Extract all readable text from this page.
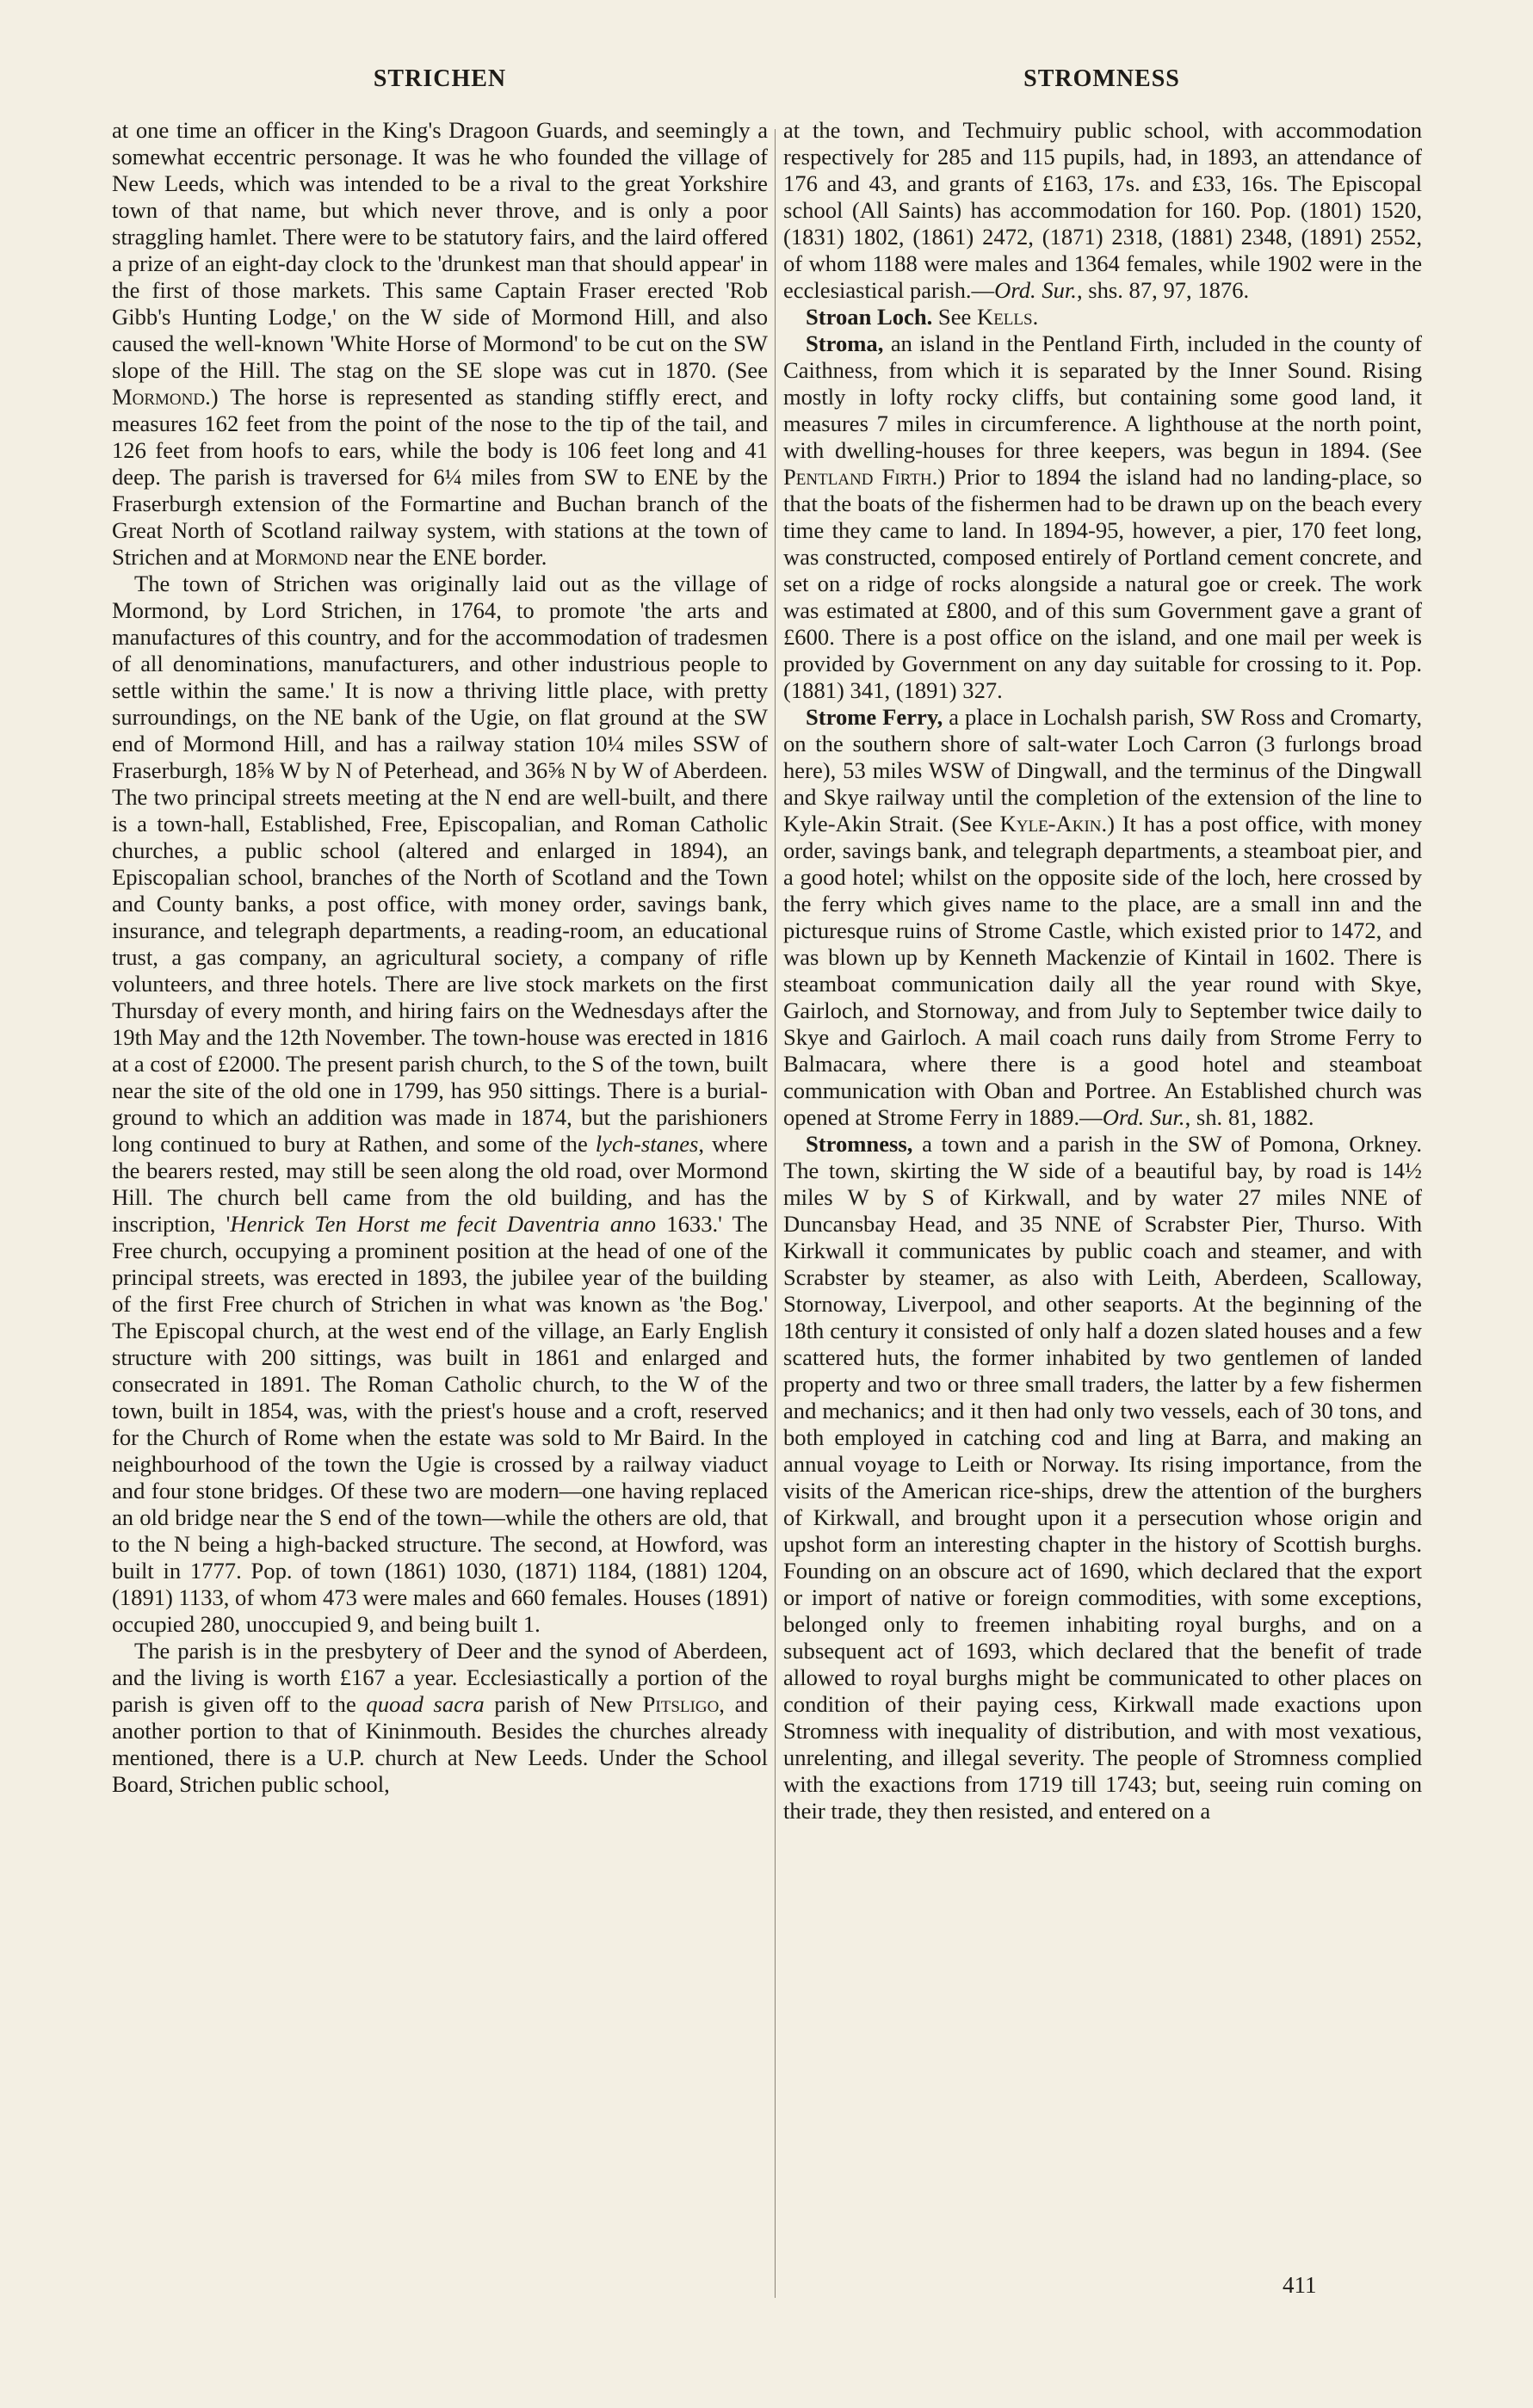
STRICHEN	STROMNESS

at one time an officer in the King's Dragoon Guards, and seemingly a somewhat eccentric personage. It was he who founded the village of New Leeds, which was intended to be a rival to the great Yorkshire town of that name, but which never throve, and is only a poor straggling hamlet. There were to be statutory fairs, and the laird offered a prize of an eight-day clock to the 'drunkest man that should appear' in the first of those markets. This same Captain Fraser erected 'Rob Gibb's Hunting Lodge,' on the W side of Mormond Hill, and also caused the well-known 'White Horse of Mormond' to be cut on the SW slope of the Hill. The stag on the SE slope was cut in 1870. (See Mormond.) The horse is represented as standing stiffly erect, and measures 162 feet from the point of the nose to the tip of the tail, and 126 feet from hoofs to ears, while the body is 106 feet long and 41 deep. The parish is traversed for 6¼ miles from SW to ENE by the Fraserburgh extension of the Formartine and Buchan branch of the Great North of Scotland railway system, with stations at the town of Strichen and at Mormond near the ENE border.

The town of Strichen was originally laid out as the village of Mormond, by Lord Strichen, in 1764, to promote 'the arts and manufactures of this country, and for the accommodation of tradesmen of all denominations, manufacturers, and other industrious people to settle within the same.' It is now a thriving little place, with pretty surroundings, on the NE bank of the Ugie, on flat ground at the SW end of Mormond Hill, and has a railway station 10¼ miles SSW of Fraserburgh, 18⅝ W by N of Peterhead, and 36⅝ N by W of Aberdeen. The two principal streets meeting at the N end are well-built, and there is a town-hall, Established, Free, Episcopalian, and Roman Catholic churches, a public school (altered and enlarged in 1894), an Episcopalian school, branches of the North of Scotland and the Town and County banks, a post office, with money order, savings bank, insurance, and telegraph departments, a reading-room, an educational trust, a gas company, an agricultural society, a company of rifle volunteers, and three hotels. There are live stock markets on the first Thursday of every month, and hiring fairs on the Wednesdays after the 19th May and the 12th November. The town-house was erected in 1816 at a cost of £2000. The present parish church, to the S of the town, built near the site of the old one in 1799, has 950 sittings. There is a burial-ground to which an addition was made in 1874, but the parishioners long continued to bury at Rathen, and some of the lych-stanes, where the bearers rested, may still be seen along the old road, over Mormond Hill. The church bell came from the old building, and has the inscription, 'Henrick Ten Horst me fecit Daventria anno 1633.' The Free church, occupying a prominent position at the head of one of the principal streets, was erected in 1893, the jubilee year of the building of the first Free church of Strichen in what was known as 'the Bog.' The Episcopal church, at the west end of the village, an Early English structure with 200 sittings, was built in 1861 and enlarged and consecrated in 1891. The Roman Catholic church, to the W of the town, built in 1854, was, with the priest's house and a croft, reserved for the Church of Rome when the estate was sold to Mr Baird. In the neighbourhood of the town the Ugie is crossed by a railway viaduct and four stone bridges. Of these two are modern—one having replaced an old bridge near the S end of the town—while the others are old, that to the N being a high-backed structure. The second, at Howford, was built in 1777. Pop. of town (1861) 1030, (1871) 1184, (1881) 1204, (1891) 1133, of whom 473 were males and 660 females. Houses (1891) occupied 280, unoccupied 9, and being built 1.

The parish is in the presbytery of Deer and the synod of Aberdeen, and the living is worth £167 a year. Ecclesiastically a portion of the parish is given off to the quoad sacra parish of New Pitsligo, and another portion to that of Kininmouth. Besides the churches already mentioned, there is a U.P. church at New Leeds. Under the School Board, Strichen public school,

at the town, and Techmuiry public school, with accommodation respectively for 285 and 115 pupils, had, in 1893, an attendance of 176 and 43, and grants of £163, 17s. and £33, 16s. The Episcopal school (All Saints) has accommodation for 160. Pop. (1801) 1520, (1831) 1802, (1861) 2472, (1871) 2318, (1881) 2348, (1891) 2552, of whom 1188 were males and 1364 females, while 1902 were in the ecclesiastical parish.—Ord. Sur., shs. 87, 97, 1876.

Stroan Loch. See Kells.

Stroma, an island in the Pentland Firth, included in the county of Caithness, from which it is separated by the Inner Sound. Rising mostly in lofty rocky cliffs, but containing some good land, it measures 7 miles in circumference. A lighthouse at the north point, with dwelling-houses for three keepers, was begun in 1894. (See Pentland Firth.) Prior to 1894 the island had no landing-place, so that the boats of the fishermen had to be drawn up on the beach every time they came to land. In 1894-95, however, a pier, 170 feet long, was constructed, composed entirely of Portland cement concrete, and set on a ridge of rocks alongside a natural goe or creek. The work was estimated at £800, and of this sum Government gave a grant of £600. There is a post office on the island, and one mail per week is provided by Government on any day suitable for crossing to it. Pop. (1881) 341, (1891) 327.

Strome Ferry, a place in Lochalsh parish, SW Ross and Cromarty, on the southern shore of salt-water Loch Carron (3 furlongs broad here), 53 miles WSW of Dingwall, and the terminus of the Dingwall and Skye railway until the completion of the extension of the line to Kyle-Akin Strait. (See Kyle-Akin.) It has a post office, with money order, savings bank, and telegraph departments, a steamboat pier, and a good hotel; whilst on the opposite side of the loch, here crossed by the ferry which gives name to the place, are a small inn and the picturesque ruins of Strome Castle, which existed prior to 1472, and was blown up by Kenneth Mackenzie of Kintail in 1602. There is steamboat communication daily all the year round with Skye, Gairloch, and Stornoway, and from July to September twice daily to Skye and Gairloch. A mail coach runs daily from Strome Ferry to Balmacara, where there is a good hotel and steamboat communication with Oban and Portree. An Established church was opened at Strome Ferry in 1889.—Ord. Sur., sh. 81, 1882.

Stromness, a town and a parish in the SW of Pomona, Orkney. The town, skirting the W side of a beautiful bay, by road is 14½ miles W by S of Kirkwall, and by water 27 miles NNE of Duncansbay Head, and 35 NNE of Scrabster Pier, Thurso. With Kirkwall it communicates by public coach and steamer, and with Scrabster by steamer, as also with Leith, Aberdeen, Scalloway, Stornoway, Liverpool, and other seaports. At the beginning of the 18th century it consisted of only half a dozen slated houses and a few scattered huts, the former inhabited by two gentlemen of landed property and two or three small traders, the latter by a few fishermen and mechanics; and it then had only two vessels, each of 30 tons, and both employed in catching cod and ling at Barra, and making an annual voyage to Leith or Norway. Its rising importance, from the visits of the American rice-ships, drew the attention of the burghers of Kirkwall, and brought upon it a persecution whose origin and upshot form an interesting chapter in the history of Scottish burghs. Founding on an obscure act of 1690, which declared that the export or import of native or foreign commodities, with some exceptions, belonged only to freemen inhabiting royal burghs, and on a subsequent act of 1693, which declared that the benefit of trade allowed to royal burghs might be communicated to other places on condition of their paying cess, Kirkwall made exactions upon Stromness with inequality of distribution, and with most vexatious, unrelenting, and illegal severity. The people of Stromness complied with the exactions from 1719 till 1743; but, seeing ruin coming on their trade, they then resisted, and entered on a

411
